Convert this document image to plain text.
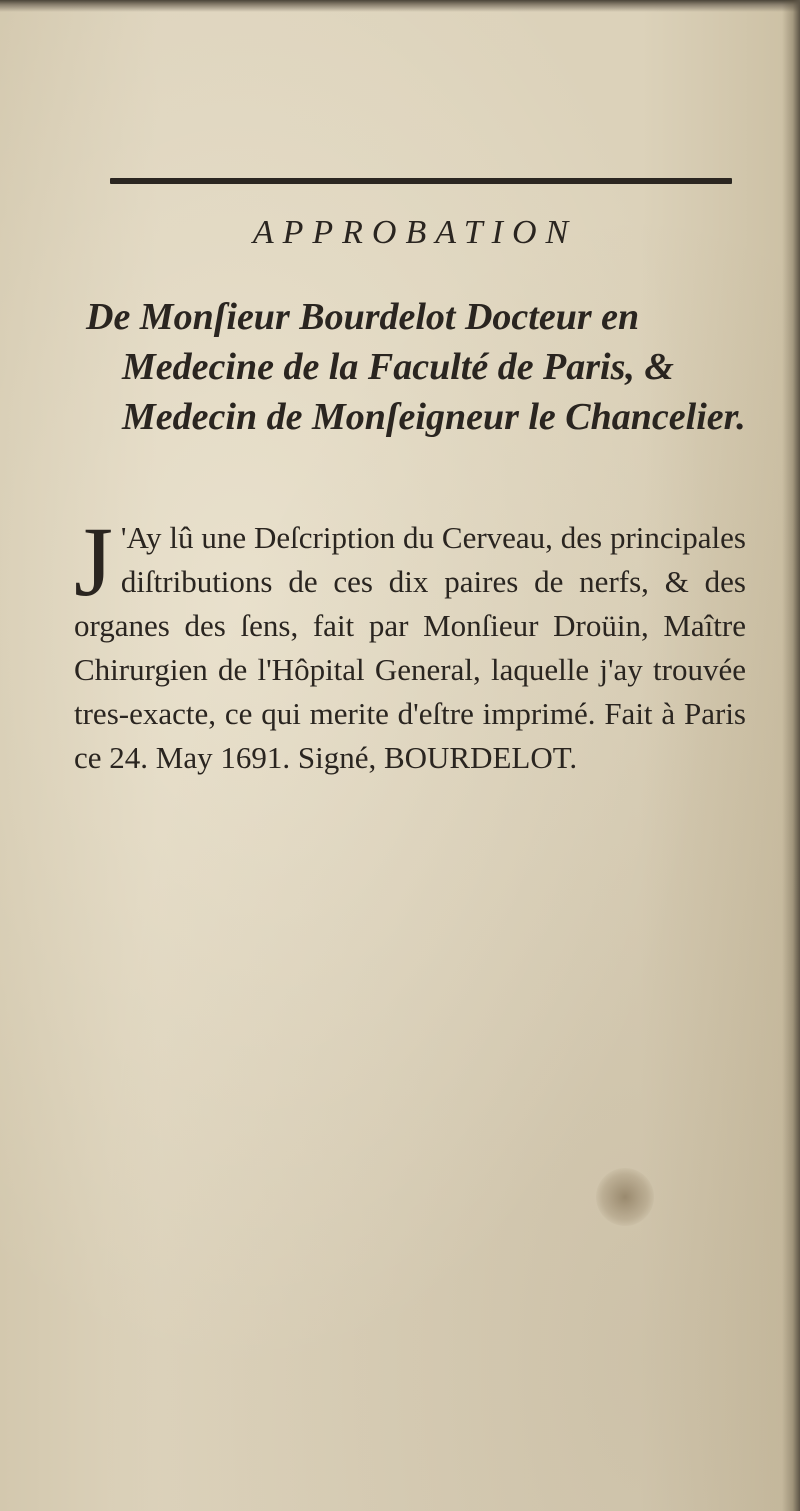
APPROBATION

De Monſieur Bourdelot Docteur en Medecine de la Faculté de Paris, & Medecin de Monſeigneur le Chancelier.

J 'Ay lû une Deſcription du Cerveau, des principales diſtributions de ces dix paires de nerfs, & des organes des ſens, fait par Monſieur Droüin, Maître Chirurgien de l'Hôpital General, laquelle j'ay trouvée tres-exacte, ce qui merite d'eſtre imprimé. Fait à Paris ce 24. May 1691. Signé, BOURDELOT.
